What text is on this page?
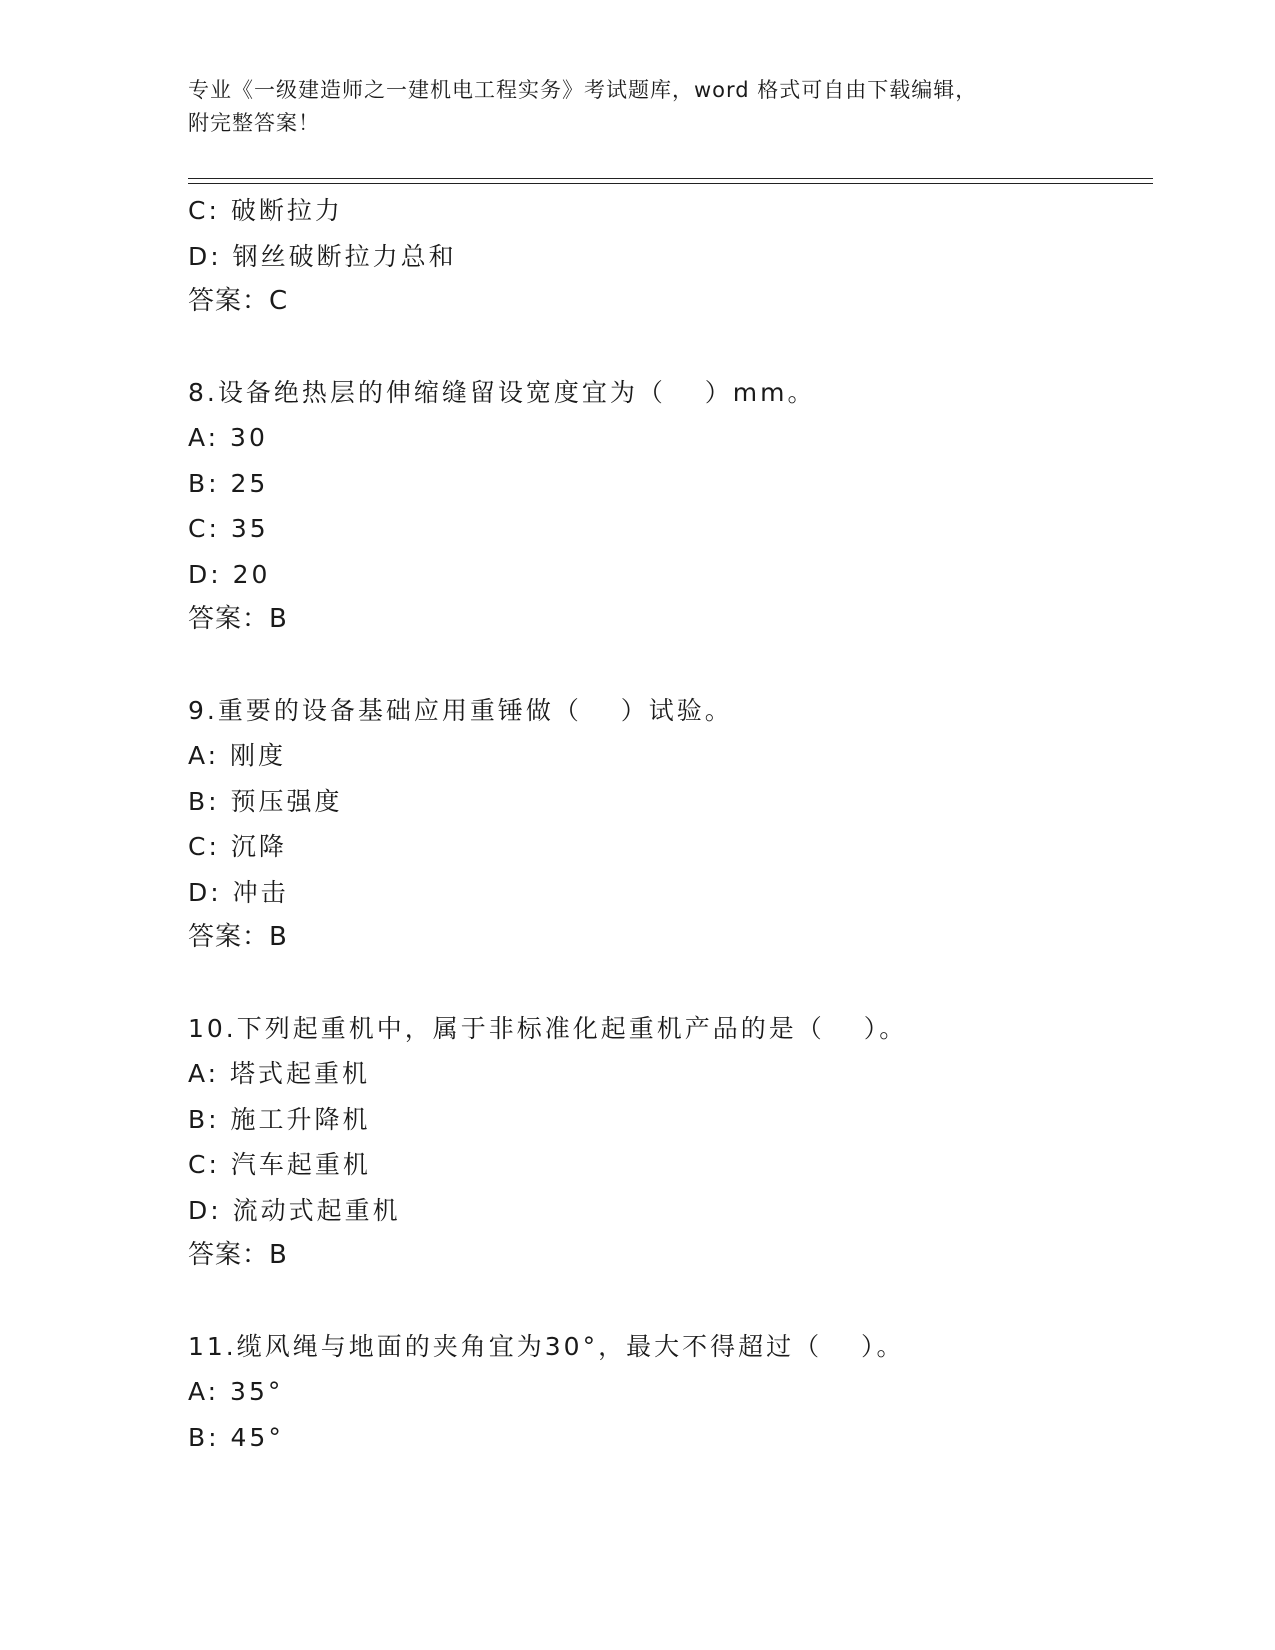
专业《一级建造师之一建机电工程实务》考试题库，word 格式可自由下载编辑，
附完整答案！
C: 破断拉力
D: 钢丝破断拉力总和
答案：C
8.设备绝热层的伸缩缝留设宽度宜为（　 ）mm。
A: 30
B: 25
C: 35
D: 20
答案：B
9.重要的设备基础应用重锤做（　 ）试验。
A: 刚度
B: 预压强度
C: 沉降
D: 冲击
答案：B
10.下列起重机中，属于非标准化起重机产品的是（　 ）。
A: 塔式起重机
B: 施工升降机
C: 汽车起重机
D: 流动式起重机
答案：B
11.缆风绳与地面的夹角宜为30°，最大不得超过（　 ）。
A: 35°
B: 45°
